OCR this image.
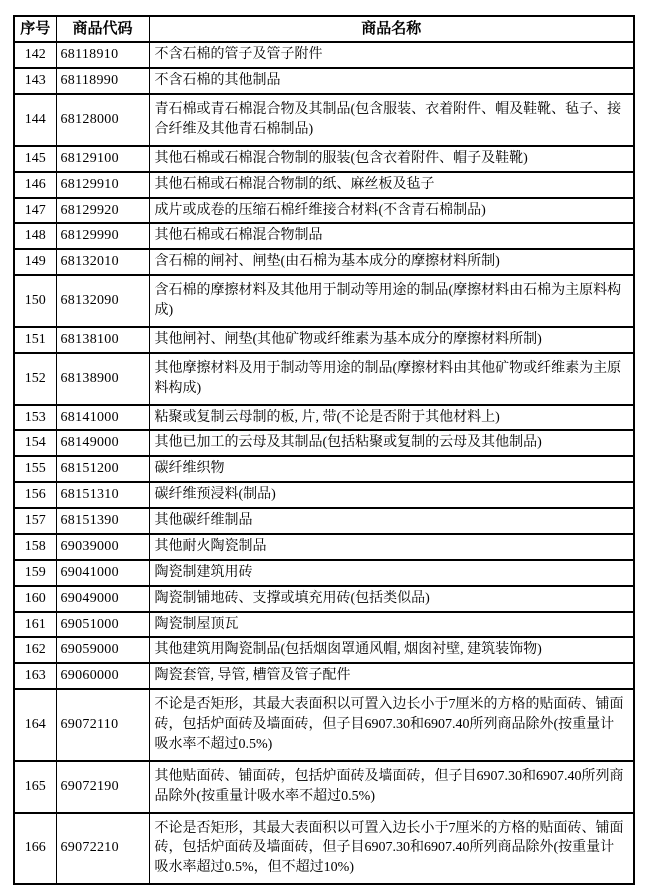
序号	商品代码	商品名称
142	68118910	不含石棉的管子及管子附件
143	68118990	不含石棉的其他制品
144	68128000	青石棉或青石棉混合物及其制品(包含服装、衣着附件、帽及鞋靴、毡子、接合纤维及其他青石棉制品)
145	68129100	其他石棉或石棉混合物制的服装(包含衣着附件、帽子及鞋靴)
146	68129910	其他石棉或石棉混合物制的纸、麻丝板及毡子
147	68129920	成片或成卷的压缩石棉纤维接合材料(不含青石棉制品)
148	68129990	其他石棉或石棉混合物制品
149	68132010	含石棉的闸衬、闸垫(由石棉为基本成分的摩擦材料所制)
150	68132090	含石棉的摩擦材料及其他用于制动等用途的制品(摩擦材料由石棉为主原料构成)
151	68138100	其他闸衬、闸垫(其他矿物或纤维素为基本成分的摩擦材料所制)
152	68138900	其他摩擦材料及用于制动等用途的制品(摩擦材料由其他矿物或纤维素为主原料构成)
153	68141000	粘聚或复制云母制的板, 片, 带(不论是否附于其他材料上)
154	68149000	其他已加工的云母及其制品(包括粘聚或复制的云母及其他制品)
155	68151200	碳纤维织物
156	68151310	碳纤维预浸料(制品)
157	68151390	其他碳纤维制品
158	69039000	其他耐火陶瓷制品
159	69041000	陶瓷制建筑用砖
160	69049000	陶瓷制铺地砖、支撑或填充用砖(包括类似品)
161	69051000	陶瓷制屋顶瓦
162	69059000	其他建筑用陶瓷制品(包括烟囱罩通风帽, 烟囱衬壁, 建筑装饰物)
163	69060000	陶瓷套管, 导管, 槽管及管子配件
164	69072110	不论是否矩形，其最大表面积以可置入边长小于7厘米的方格的贴面砖、铺面砖，包括炉面砖及墙面砖，但子目6907.30和6907.40所列商品除外(按重量计吸水率不超过0.5%)
165	69072190	其他贴面砖、铺面砖，包括炉面砖及墙面砖，但子目6907.30和6907.40所列商品除外(按重量计吸水率不超过0.5%)
166	69072210	不论是否矩形，其最大表面积以可置入边长小于7厘米的方格的贴面砖、铺面砖，包括炉面砖及墙面砖，但子目6907.30和6907.40所列商品除外(按重量计吸水率超过0.5%，但不超过10%)
